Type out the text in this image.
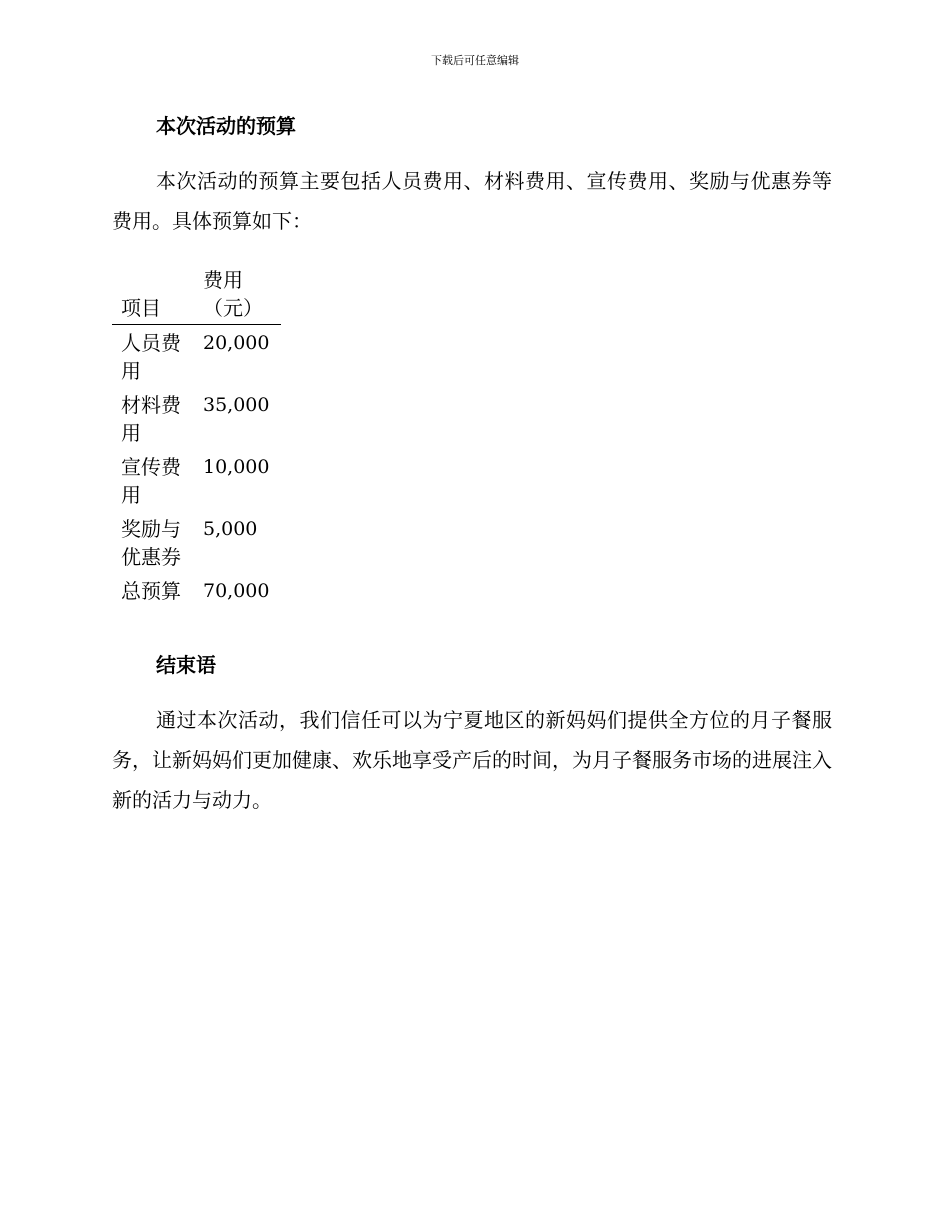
下载后可任意编辑
本次活动的预算

本次活动的预算主要包括人员费用、材料费用、宣传费用、奖励与优惠券等费用。具体预算如下：

项目	费用（元）

人员费用	20,000

材料费用	35,000

宣传费用	10,000

奖励与优惠券	5,000

总预算	70,000
结束语

通过本次活动，我们信任可以为宁夏地区的新妈妈们提供全方位的月子餐服务，让新妈妈们更加健康、欢乐地享受产后的时间，为月子餐服务市场的进展注入新的活力与动力。
